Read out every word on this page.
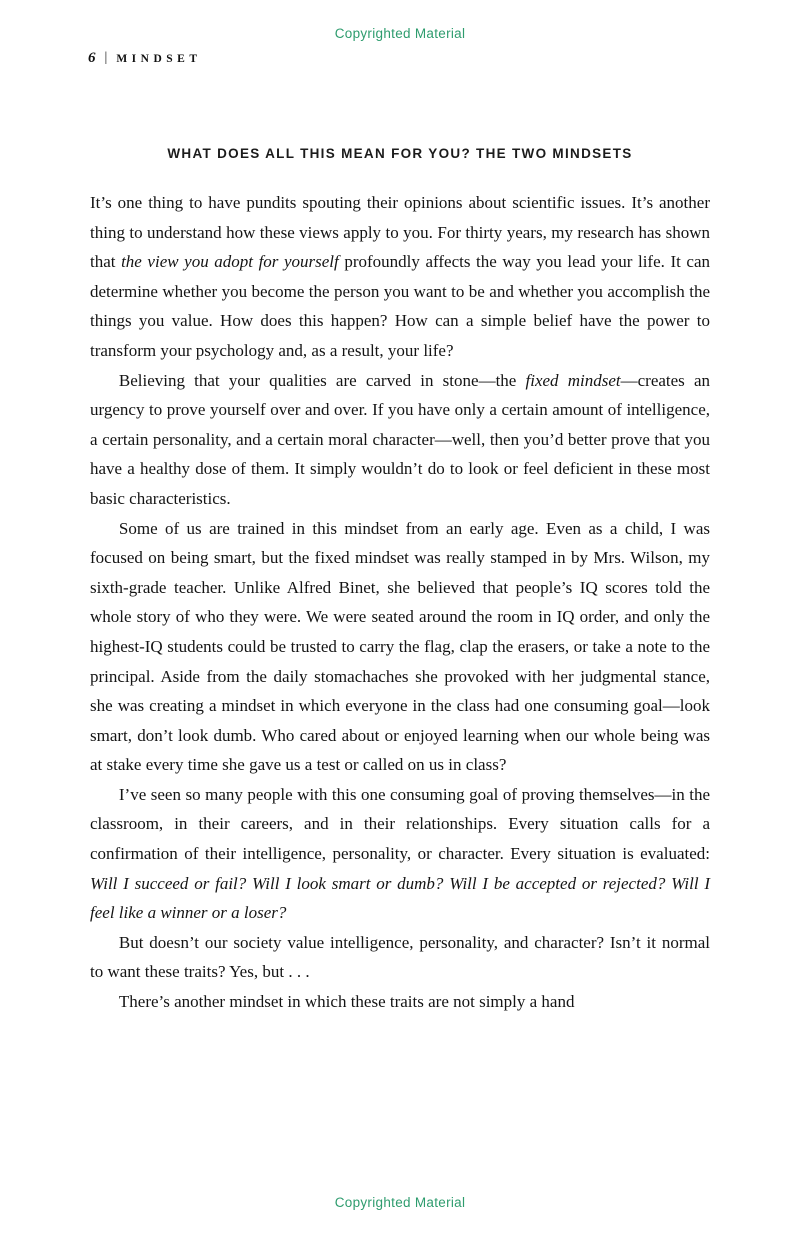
Copyrighted Material
6 | MINDSET
WHAT DOES ALL THIS MEAN FOR YOU? THE TWO MINDSETS

It’s one thing to have pundits spouting their opinions about scientific issues. It’s another thing to understand how these views apply to you. For thirty years, my research has shown that the view you adopt for yourself profoundly affects the way you lead your life. It can determine whether you become the person you want to be and whether you accomplish the things you value. How does this happen? How can a simple belief have the power to transform your psychology and, as a result, your life?

Believing that your qualities are carved in stone—the fixed mindset—creates an urgency to prove yourself over and over. If you have only a certain amount of intelligence, a certain personality, and a certain moral character—well, then you’d better prove that you have a healthy dose of them. It simply wouldn’t do to look or feel deficient in these most basic characteristics.

Some of us are trained in this mindset from an early age. Even as a child, I was focused on being smart, but the fixed mindset was really stamped in by Mrs. Wilson, my sixth-grade teacher. Unlike Alfred Binet, she believed that people’s IQ scores told the whole story of who they were. We were seated around the room in IQ order, and only the highest-IQ students could be trusted to carry the flag, clap the erasers, or take a note to the principal. Aside from the daily stomachaches she provoked with her judgmental stance, she was creating a mindset in which everyone in the class had one consuming goal—look smart, don’t look dumb. Who cared about or enjoyed learning when our whole being was at stake every time she gave us a test or called on us in class?

I’ve seen so many people with this one consuming goal of proving themselves—in the classroom, in their careers, and in their relationships. Every situation calls for a confirmation of their intelligence, personality, or character. Every situation is evaluated: Will I succeed or fail? Will I look smart or dumb? Will I be accepted or rejected? Will I feel like a winner or a loser?

But doesn’t our society value intelligence, personality, and character? Isn’t it normal to want these traits? Yes, but . . .

There’s another mindset in which these traits are not simply a hand

Copyrighted Material
